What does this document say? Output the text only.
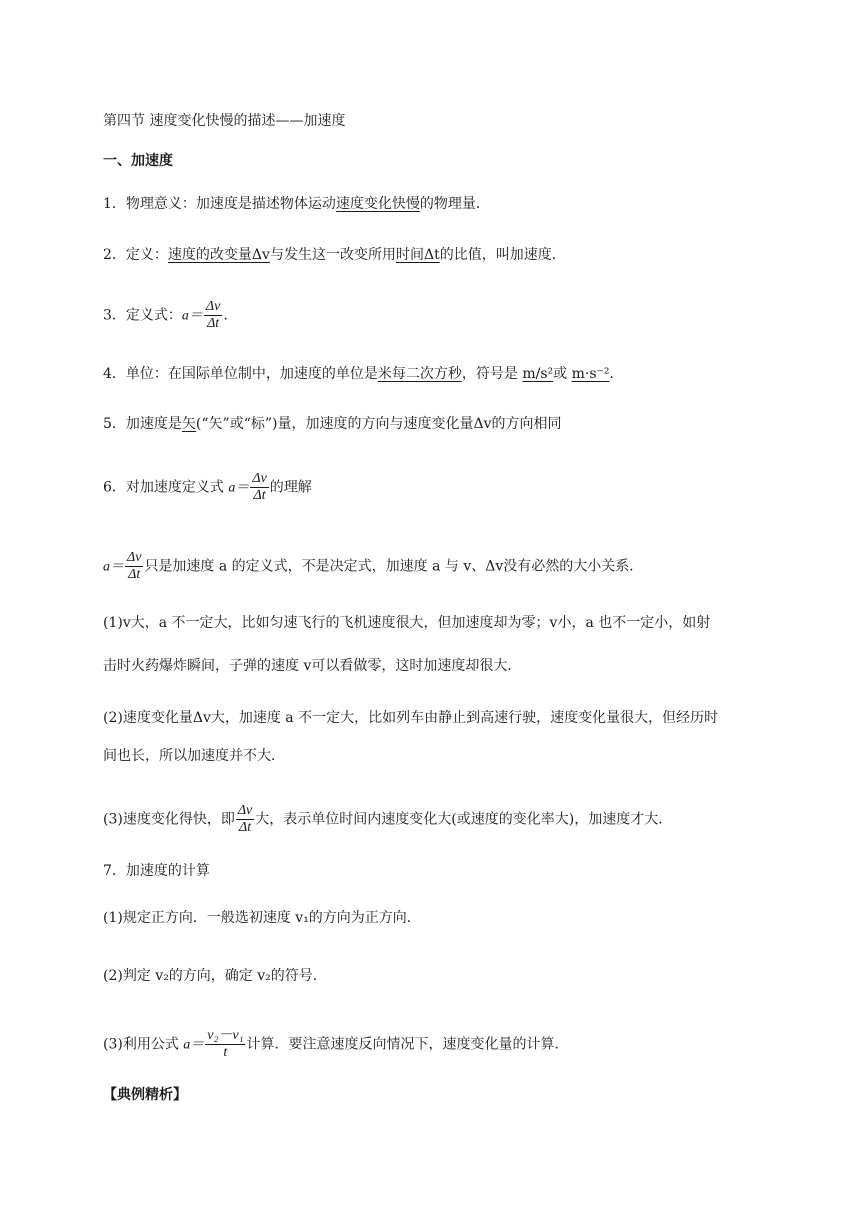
第四节 速度变化快慢的描述——加速度
一、加速度
1．物理意义：加速度是描述物体运动速度变化快慢的物理量．
2．定义：速度的改变量Δv与发生这一改变所用时间Δt的比值，叫加速度．
3．定义式：$a= \frac{\Delta v}{\Delta t}$ .
4．单位：在国际单位制中，加速度的单位是米每二次方秒，符号是 m/s²或 m·s⁻².
5．加速度是矢(“矢”或“标”)量，加速度的方向与速度变化量Δv的方向相同
6．对加速度定义式 $a= \frac{\Delta v}{\Delta t}$ 的理解
$a= \frac{\Delta v}{\Delta t}$ 只是加速度 a 的定义式，不是决定式，加速度 a 与 v、Δv没有必然的大小关系．
(1)v大，a 不一定大，比如匀速飞行的飞机速度很大，但加速度却为零；v小，a 也不一定小，如射
击时火药爆炸瞬间，子弹的速度 v可以看做零，这时加速度却很大．
(2)速度变化量Δv大，加速度 a 不一定大，比如列车由静止到高速行驶，速度变化量很大，但经历时
间也长，所以加速度并不大．
(3)速度变化得快，即 $\frac{\Delta v}{\Delta t}$ 大，表示单位时间内速度变化大(或速度的变化率大)，加速度才大．
7．加速度的计算
(1)规定正方向．一般选初速度 v₁的方向为正方向．
(2)判定 v₂的方向，确定 v₂的符号．
(3)利用公式 $a= \frac{\text{v₂－v₁}}{t}$ 计算．要注意速度反向情况下，速度变化量的计算．
【典例精析】
